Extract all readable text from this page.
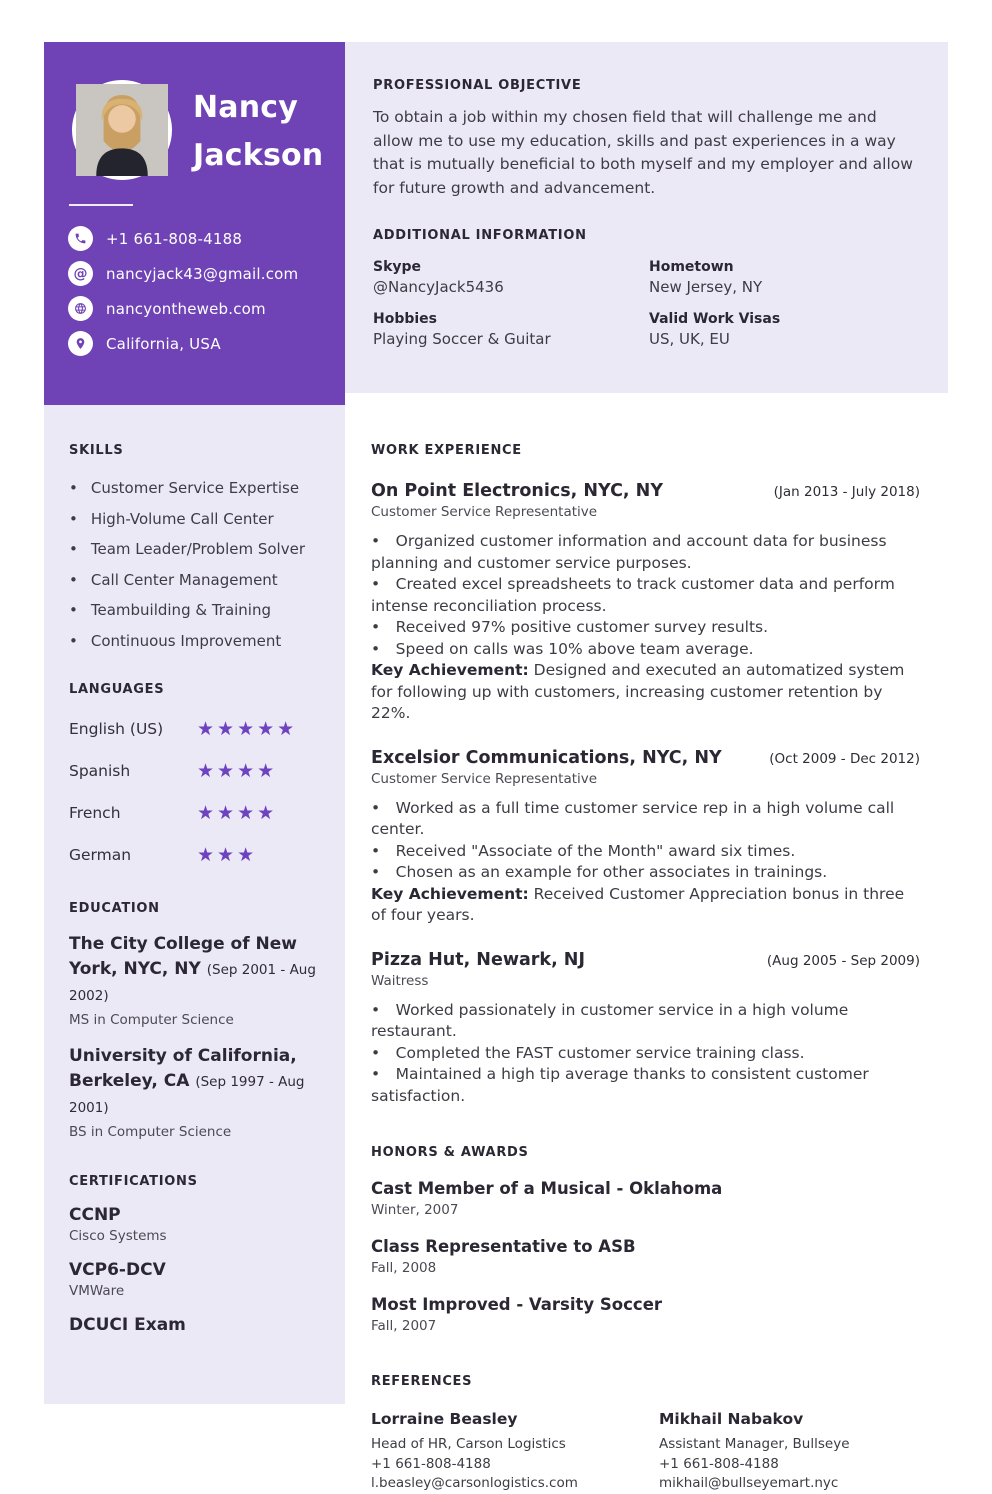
Nancy
Jackson
+1 661-808-4188
@ nancyjack43@gmail.com
nancyontheweb.com
California, USA
PROFESSIONAL OBJECTIVE

To obtain a job within my chosen field that will challenge me and allow me to use my education, skills and past experiences in a way that is mutually beneficial to both myself and my employer and allow for future growth and advancement.

ADDITIONAL INFORMATION
Skype
@NancyJack5436
Hometown
New Jersey, NY
Hobbies
Playing Soccer & Guitar
Valid Work Visas
US, UK, EU
SKILLS
• Customer Service Expertise
• High-Volume Call Center
• Team Leader/Problem Solver
• Call Center Management
• Teambuilding & Training
• Continuous Improvement
LANGUAGES
English (US)	★★★★★
Spanish	★★★★
French	★★★★
German	★★★
EDUCATION
The City College of New York, NYC, NY (Sep 2001 - Aug 2002)
MS in Computer Science
University of California, Berkeley, CA (Sep 1997 - Aug 2001)
BS in Computer Science
CERTIFICATIONS
CCNP
Cisco Systems
VCP6-DCV
VMWare
DCUCI Exam
WORK EXPERIENCE
On Point Electronics, NYC, NY	(Jan 2013 - July 2018)
Customer Service Representative
•  Organized customer information and account data for business planning and customer service purposes.
•  Created excel spreadsheets to track customer data and perform intense reconciliation process.
•  Received 97% positive customer survey results.
•  Speed on calls was 10% above team average.
Key Achievement: Designed and executed an automatized system for following up with customers, increasing customer retention by 22%.
Excelsior Communications, NYC, NY	(Oct 2009 - Dec 2012)
Customer Service Representative
•  Worked as a full time customer service rep in a high volume call center.
•  Received "Associate of the Month" award six times.
•  Chosen as an example for other associates in trainings.
Key Achievement: Received Customer Appreciation bonus in three of four years.
Pizza Hut, Newark, NJ	(Aug 2005 - Sep 2009)
Waitress
•  Worked passionately in customer service in a high volume restaurant.
•  Completed the FAST customer service training class.
•  Maintained a high tip average thanks to consistent customer satisfaction.
HONORS & AWARDS
Cast Member of a Musical - Oklahoma
Winter, 2007
Class Representative to ASB
Fall, 2008
Most Improved - Varsity Soccer
Fall, 2007
REFERENCES
Lorraine Beasley
Head of HR, Carson Logistics
+1 661-808-4188
l.beasley@carsonlogistics.com
Mikhail Nabakov
Assistant Manager, Bullseye
+1 661-808-4188
mikhail@bullseyemart.nyc
